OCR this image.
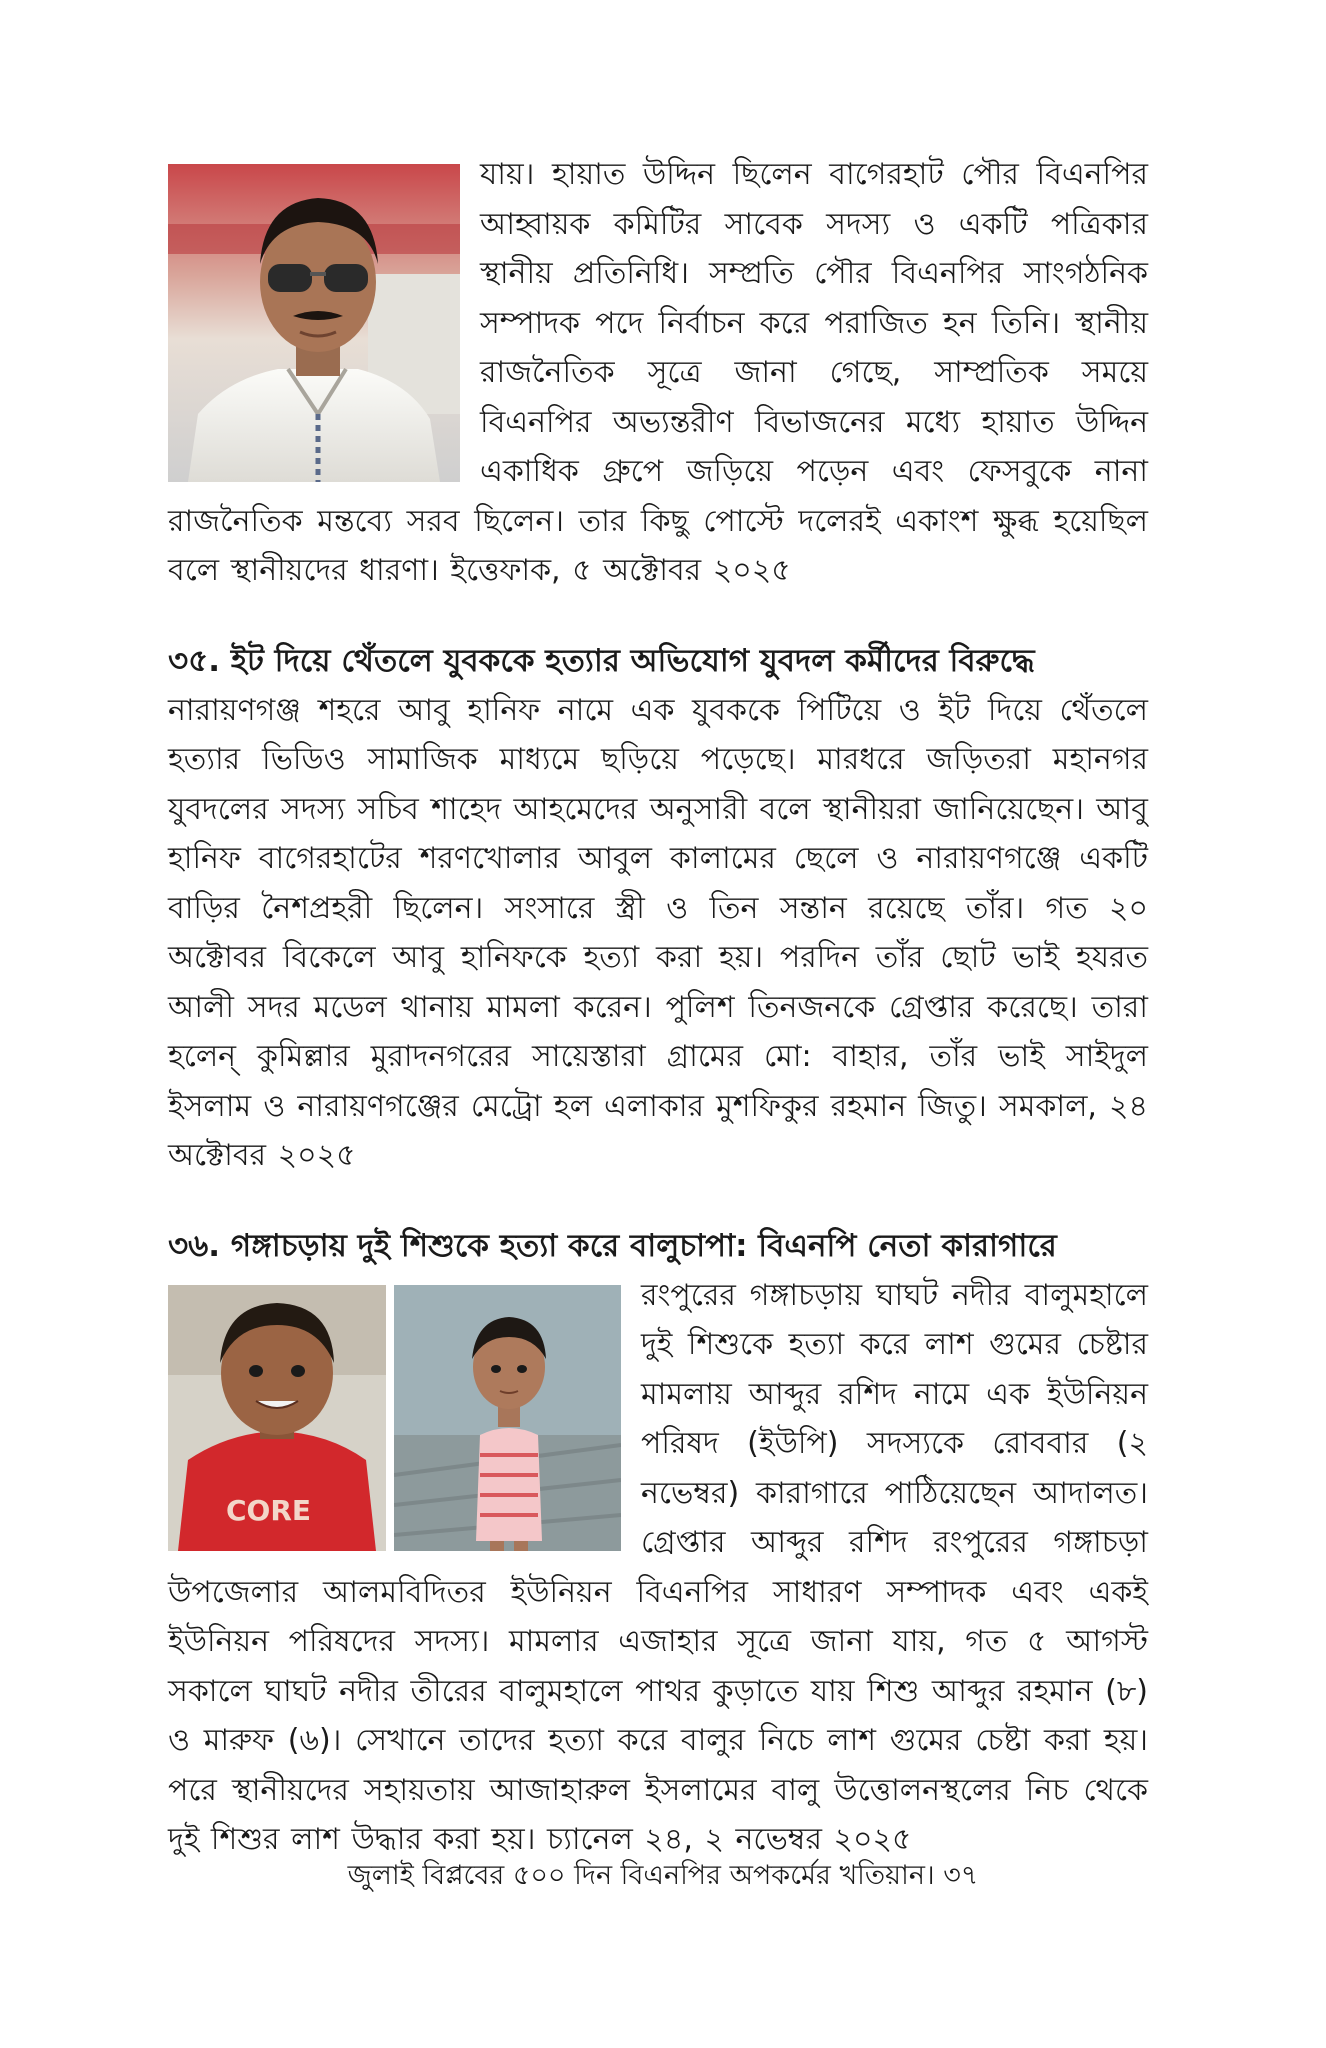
যায়। হায়াত উদ্দিন ছিলেন বাগেরহাট পৌর বিএনপির আহ্বায়ক কমিটির সাবেক সদস্য ও একটি পত্রিকার স্থানীয় প্রতিনিধি। সম্প্রতি পৌর বিএনপির সাংগঠনিক সম্পাদক পদে নির্বাচন করে পরাজিত হন তিনি। স্থানীয় রাজনৈতিক সূত্রে জানা গেছে, সাম্প্রতিক সময়ে বিএনপির অভ্যন্তরীণ বিভাজনের মধ্যে হায়াত উদ্দিন একাধিক গ্রুপে জড়িয়ে পড়েন এবং ফেসবুকে নানা রাজনৈতিক মন্তব্যে সরব ছিলেন। তার কিছু পোস্টে দলেরই একাংশ ক্ষুব্ধ হয়েছিল বলে স্থানীয়দের ধারণা। ইত্তেফাক, ৫ অক্টোবর ২০২৫

৩৫. ইট দিয়ে থেঁতলে যুবককে হত্যার অভিযোগ যুবদল কর্মীদের বিরুদ্ধে

নারায়ণগঞ্জ শহরে আবু হানিফ নামে এক যুবককে পিটিয়ে ও ইট দিয়ে থেঁতলে হত্যার ভিডিও সামাজিক মাধ্যমে ছড়িয়ে পড়েছে। মারধরে জড়িতরা মহানগর যুবদলের সদস্য সচিব শাহেদ আহমেদের অনুসারী বলে স্থানীয়রা জানিয়েছেন। আবু হানিফ বাগেরহাটের শরণখোলার আবুল কালামের ছেলে ও নারায়ণগঞ্জে একটি বাড়ির নৈশপ্রহরী ছিলেন। সংসারে স্ত্রী ও তিন সন্তান রয়েছে তাঁর। গত ২০ অক্টোবর বিকেলে আবু হানিফকে হত্যা করা হয়। পরদিন তাঁর ছোট ভাই হযরত আলী সদর মডেল থানায় মামলা করেন। পুলিশ তিনজনকে গ্রেপ্তার করেছে। তারা হলেন্‌ কুমিল্লার মুরাদনগরের সায়েস্তারা গ্রামের মো: বাহার, তাঁর ভাই সাইদুল ইসলাম ও নারায়ণগঞ্জের মেট্রো হল এলাকার মুশফিকুর রহমান জিতু। সমকাল, ২৪ অক্টোবর ২০২৫

৩৬. গঙ্গাচড়ায় দুই শিশুকে হত্যা করে বালুচাপা: বিএনপি নেতা কারাগারে
CORE

রংপুরের গঙ্গাচড়ায় ঘাঘট নদীর বালুমহালে দুই শিশুকে হত্যা করে লাশ গুমের চেষ্টার মামলায় আব্দুর রশিদ নামে এক ইউনিয়ন পরিষদ (ইউপি) সদস্যকে রোববার (২ নভেম্বর) কারাগারে পাঠিয়েছেন আদালত। গ্রেপ্তার আব্দুর রশিদ রংপুরের গঙ্গাচড়া উপজেলার আলমবিদিতর ইউনিয়ন বিএনপির সাধারণ সম্পাদক এবং একই ইউনিয়ন পরিষদের সদস্য। মামলার এজাহার সূত্রে জানা যায়, গত ৫ আগস্ট সকালে ঘাঘট নদীর তীরের বালুমহালে পাথর কুড়াতে যায় শিশু আব্দুর রহমান (৮) ও মারুফ (৬)। সেখানে তাদের হত্যা করে বালুর নিচে লাশ গুমের চেষ্টা করা হয়। পরে স্থানীয়দের সহায়তায় আজাহারুল ইসলামের বালু উত্তোলনস্থলের নিচ থেকে দুই শিশুর লাশ উদ্ধার করা হয়। চ্যানেল ২৪, ২ নভেম্বর ২০২৫

জুলাই বিপ্লবের ৫০০ দিন বিএনপির অপকর্মের খতিয়ান। ৩৭
